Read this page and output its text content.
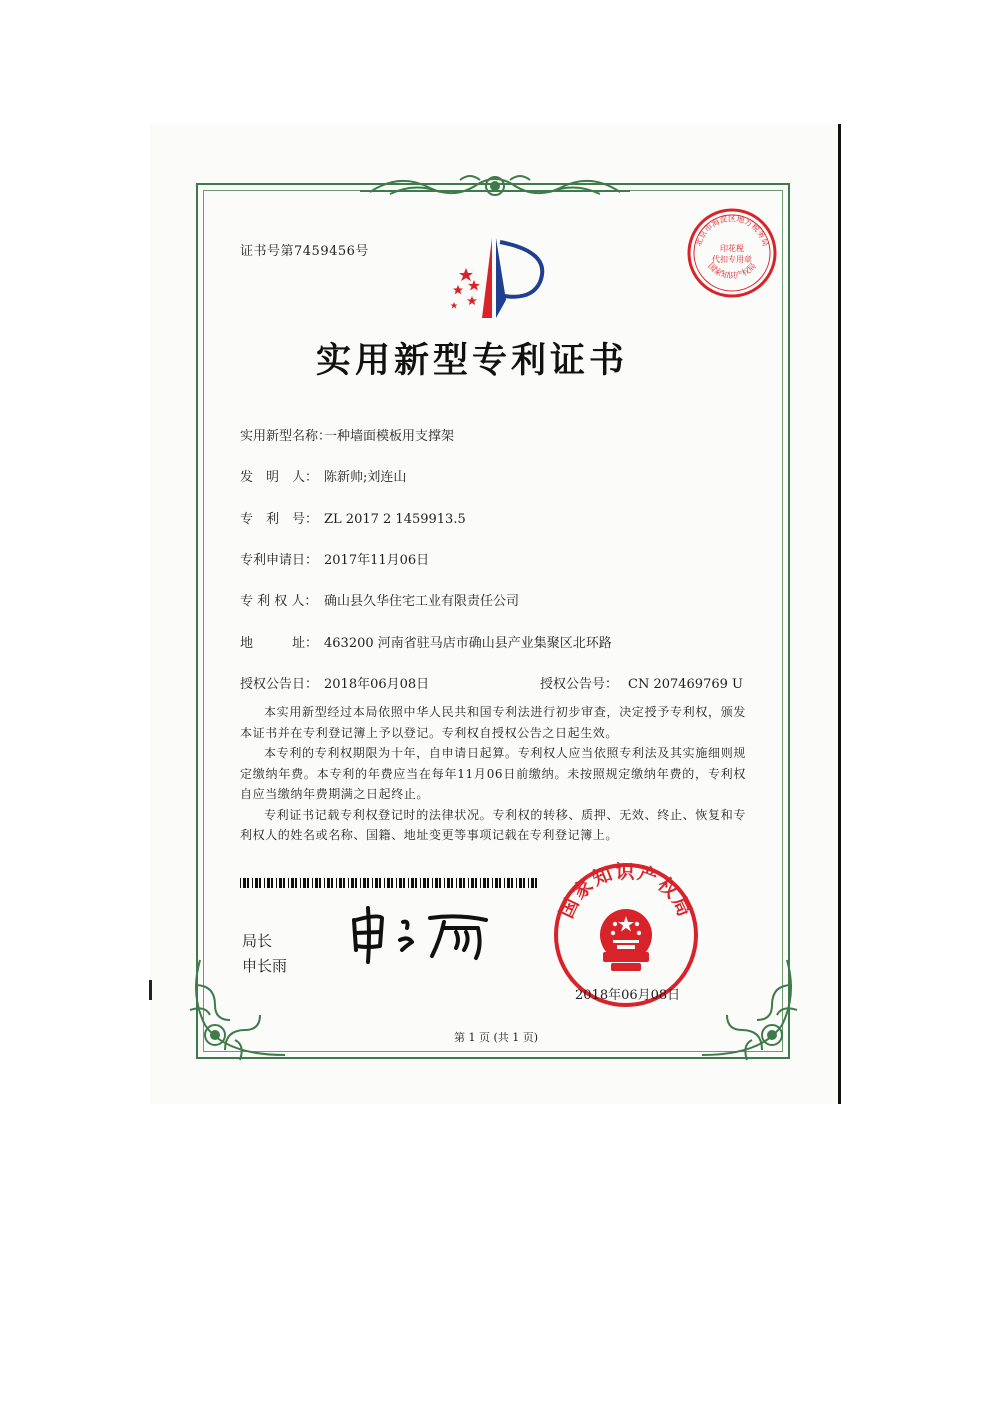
证书号第7459456号
北京市海淀区地方税务局
印花税
代扣专用章
国家知识产权局
实用新型专利证书
实用新型名称：一种墙面模板用支撑架
发　明　人： 陈新帅;刘连山
专　利　号： ZL 2017 2 1459913.5
专利申请日： 2017年11月06日
专 利 权 人： 确山县久华住宅工业有限责任公司
地　　　址： 463200 河南省驻马店市确山县产业集聚区北环路
授权公告日： 2018年06月08日	授权公告号： CN 207469769 U

本实用新型经过本局依照中华人民共和国专利法进行初步审查，决定授予专利权，颁发本证书并在专利登记簿上予以登记。专利权自授权公告之日起生效。

本专利的专利权期限为十年，自申请日起算。专利权人应当依照专利法及其实施细则规定缴纳年费。本专利的年费应当在每年11月06日前缴纳。未按照规定缴纳年费的，专利权自应当缴纳年费期满之日起终止。

专利证书记载专利权登记时的法律状况。专利权的转移、质押、无效、终止、恢复和专利权人的姓名或名称、国籍、地址变更等事项记载在专利登记簿上。

局长
申长雨
国家知识产权局
2018年06月08日
第 1 页 (共 1 页)
